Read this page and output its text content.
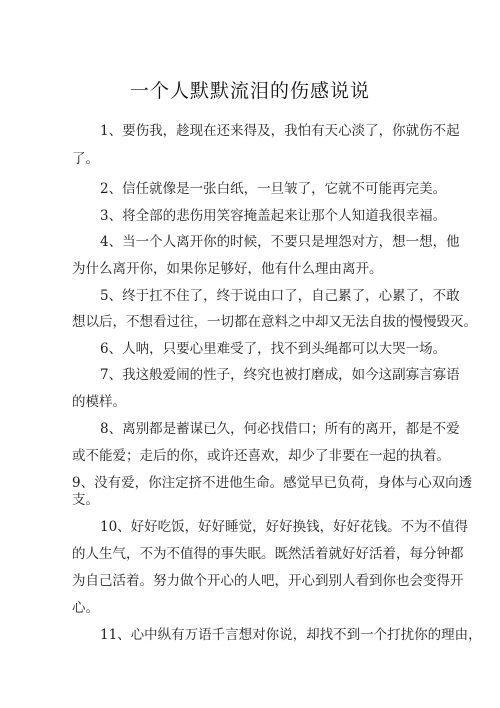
一个人默默流泪的伤感说说
1、要伤我，趁现在还来得及，我怕有天心淡了，你就伤不起
了。
2、信任就像是一张白纸，一旦皱了，它就不可能再完美。
3、将全部的悲伤用笑容掩盖起来让那个人知道我很幸福。
4、当一个人离开你的时候，不要只是埋怨对方，想一想，他
为什么离开你，如果你足够好，他有什么理由离开。
5、终于扛不住了，终于说由口了，自己累了，心累了，不敢
想以后，不想看过往，一切都在意料之中却又无法自拔的慢慢毁灭。
6、人呐，只要心里难受了，找不到头绳都可以大哭一场。
7、我这般爱闹的性子，终究也被打磨成，如今这副寡言寡语
的模样。
8、离别都是蓄谋已久，何必找借口；所有的离开，都是不爱
或不能爱；走后的你，或许还喜欢，却少了非要在一起的执着。
9、没有爱，你注定挤不进他生命。感觉早已负荷，身体与心双向透
支。
10、好好吃饭，好好睡觉，好好换钱，好好花钱。不为不值得
的人生气，不为不值得的事失眠。既然活着就好好活着，每分钟都
为自己活着。努力做个开心的人吧，开心到别人看到你也会变得开
心。
11、心中纵有万语千言想对你说，却找不到一个打扰你的理由，
